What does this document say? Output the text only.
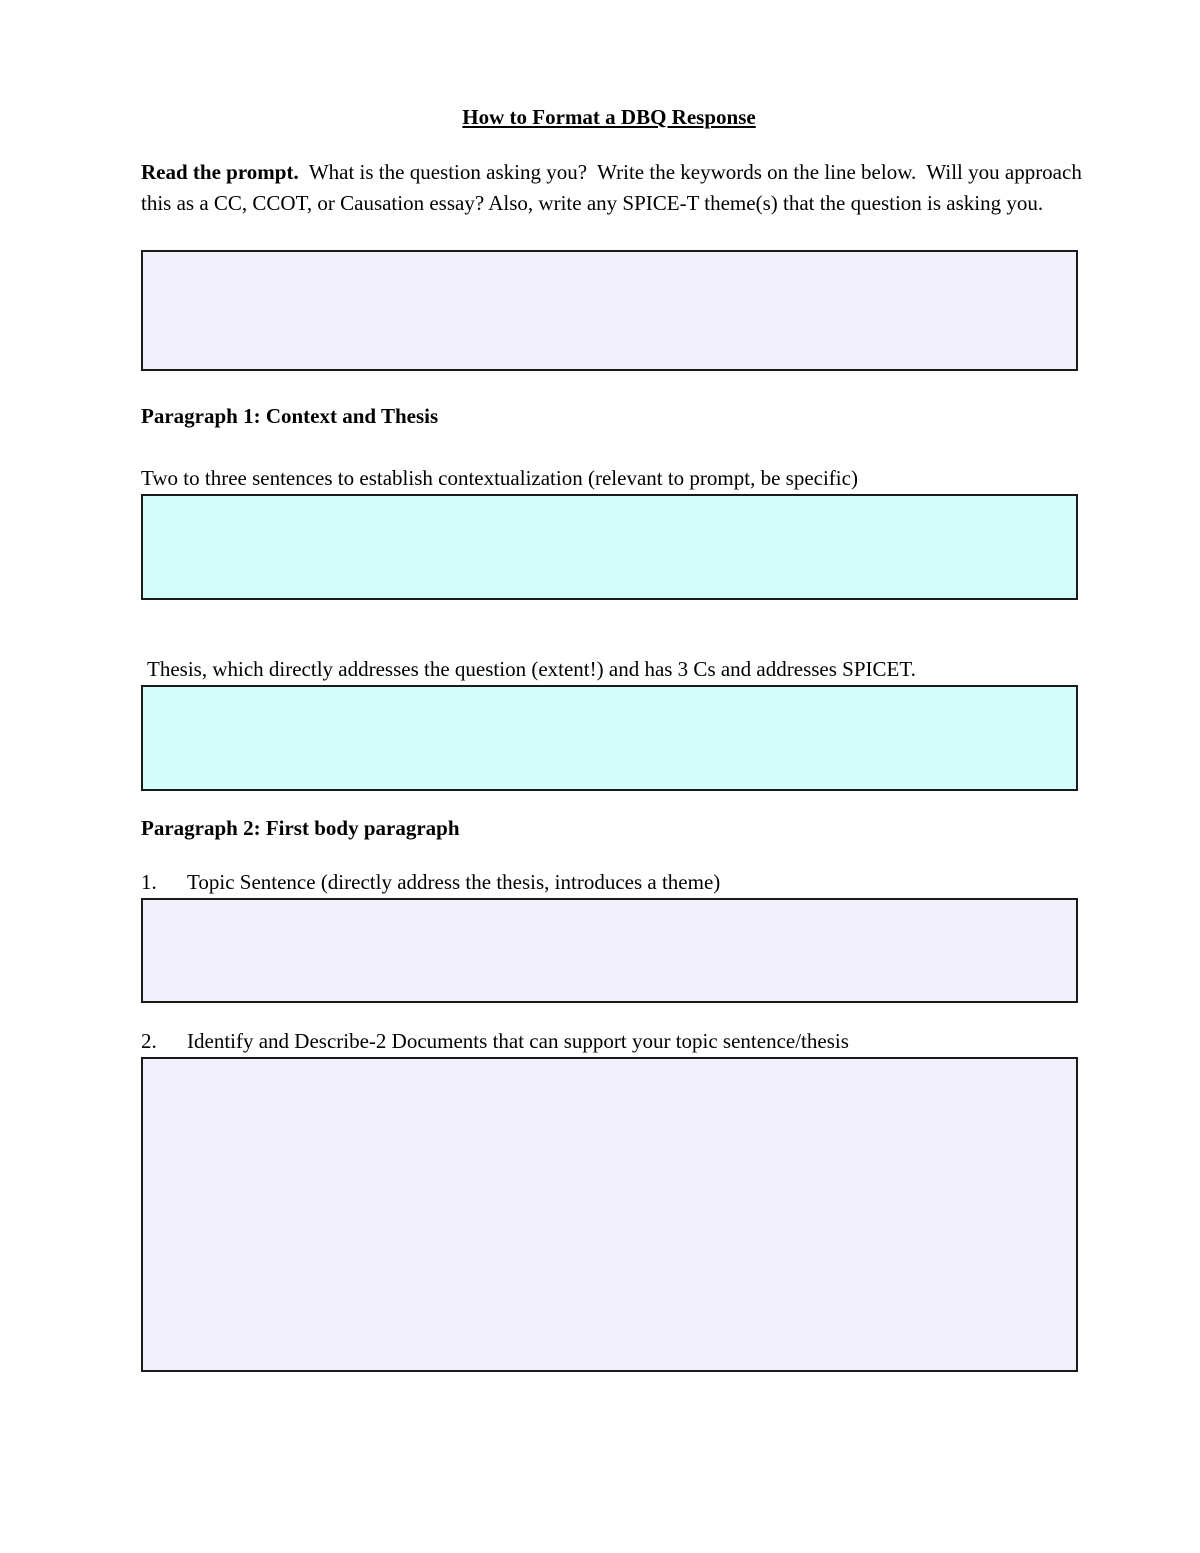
How to Format a DBQ Response
Read the prompt.  What is the question asking you?  Write the keywords on the line below.  Will you approach this as a CC, CCOT, or Causation essay? Also, write any SPICE-T theme(s) that the question is asking you.
Paragraph 1: Context and Thesis
Two to three sentences to establish contextualization (relevant to prompt, be specific)
Thesis, which directly addresses the question (extent!) and has 3 Cs and addresses SPICET.
Paragraph 2: First body paragraph
1. Topic Sentence (directly address the thesis, introduces a theme)
2. Identify and Describe-2 Documents that can support your topic sentence/thesis
